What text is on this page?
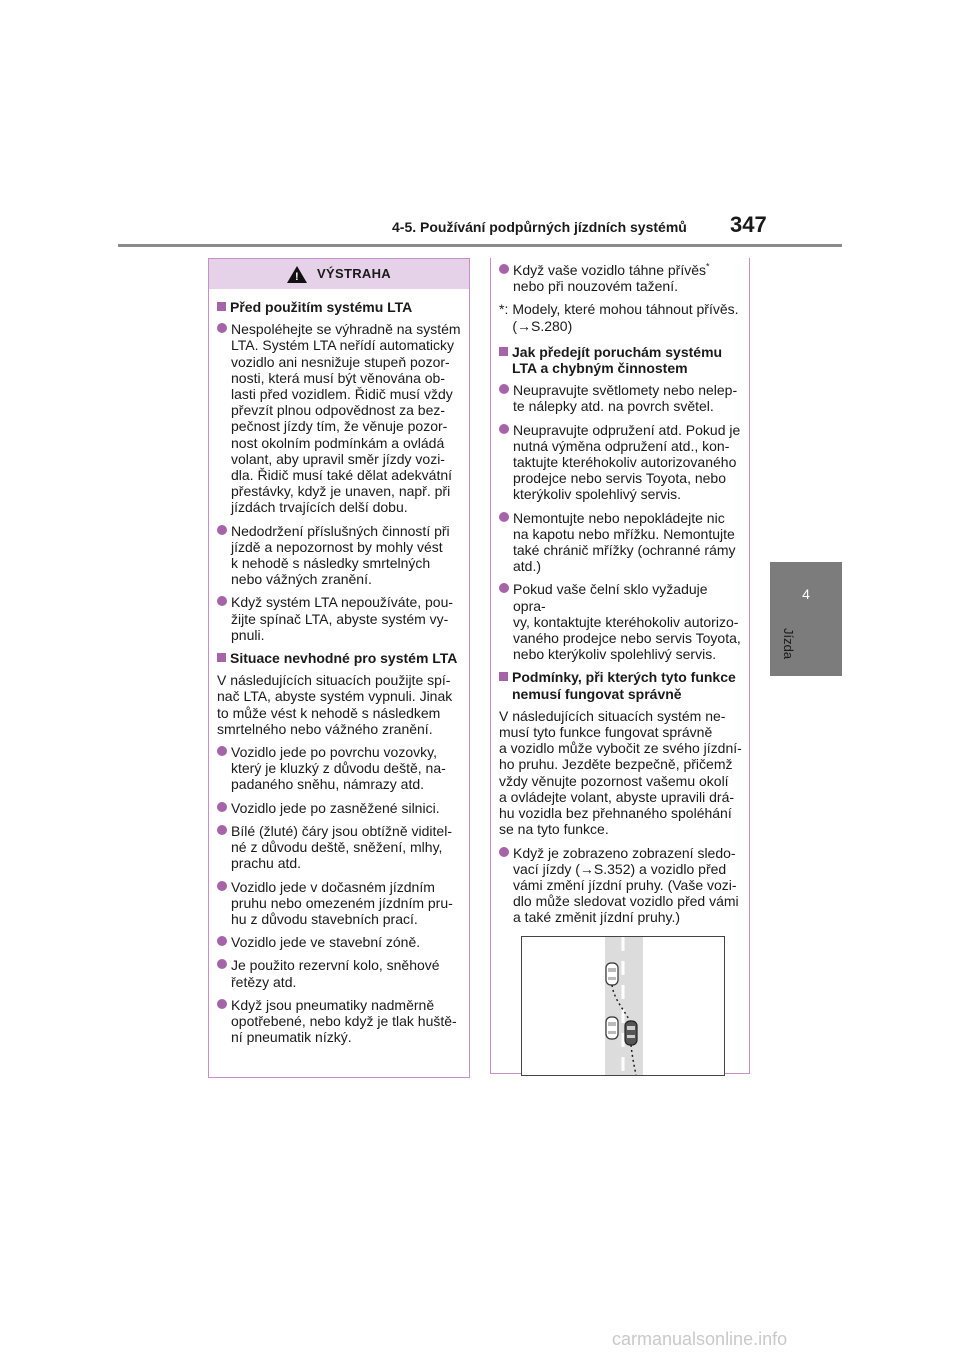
4-5. Používání podpůrných jízdních systémů 347
4
Jízda
!
VÝSTRAHA
Před použitím systému LTA
Nespoléhejte se výhradně na systém
LTA. Systém LTA neřídí automaticky
vozidlo ani nesnižuje stupeň pozor-
nosti, která musí být věnována ob-
lasti před vozidlem. Řidič musí vždy
převzít plnou odpovědnost za bez-
pečnost jízdy tím, že věnuje pozor-
nost okolním podmínkám a ovládá
volant, aby upravil směr jízdy vozi-
dla. Řidič musí také dělat adekvátní
přestávky, když je unaven, např. při
jízdách trvajících delší dobu.
Nedodržení příslušných činností při
jízdě a nepozornost by mohly vést
k nehodě s následky smrtelných
nebo vážných zranění.
Když systém LTA nepoužíváte, pou-
žijte spínač LTA, abyste systém vy-
pnuli.
Situace nevhodné pro systém LTA
V následujících situacích použijte spí-
nač LTA, abyste systém vypnuli. Jinak
to může vést k nehodě s následkem
smrtelného nebo vážného zranění.
Vozidlo jede po povrchu vozovky,
který je kluzký z důvodu deště, na-
padaného sněhu, námrazy atd.
Vozidlo jede po zasněžené silnici.
Bílé (žluté) čáry jsou obtížně viditel-
né z důvodu deště, sněžení, mlhy,
prachu atd.
Vozidlo jede v dočasném jízdním
pruhu nebo omezeném jízdním pru-
hu z důvodu stavebních prací.
Vozidlo jede ve stavební zóně.
Je použito rezervní kolo, sněhové
řetězy atd.
Když jsou pneumatiky nadměrně
opotřebené, nebo když je tlak huště-
ní pneumatik nízký.
Když vaše vozidlo táhne přívěs*
nebo při nouzovém tažení.
*: Modely, které mohou táhnout přívěs.
(→S.280)
Jak předejít poruchám systému
LTA a chybným činnostem
Neupravujte světlomety nebo nelep-
te nálepky atd. na povrch světel.
Neupravujte odpružení atd. Pokud je
nutná výměna odpružení atd., kon-
taktujte kteréhokoliv autorizovaného
prodejce nebo servis Toyota, nebo
kterýkoliv spolehlivý servis.
Nemontujte nebo nepokládejte nic
na kapotu nebo mřížku. Nemontujte
také chránič mřížky (ochranné rámy
atd.)
Pokud vaše čelní sklo vyžaduje opra-
vy, kontaktujte kteréhokoliv autorizo-
vaného prodejce nebo servis Toyota,
nebo kterýkoliv spolehlivý servis.
Podmínky, při kterých tyto funkce
nemusí fungovat správně
V následujících situacích systém ne-
musí tyto funkce fungovat správně
a vozidlo může vybočit ze svého jízdní-
ho pruhu. Jezděte bezpečně, přičemž
vždy věnujte pozornost vašemu okolí
a ovládejte volant, abyste upravili drá-
hu vozidla bez přehnaného spoléhání
se na tyto funkce.
Když je zobrazeno zobrazení sledo-
vací jízdy (→S.352) a vozidlo před
vámi změní jízdní pruhy. (Vaše vozi-
dlo může sledovat vozidlo před vámi
a také změnit jízdní pruhy.)
carmanualsonline.info
